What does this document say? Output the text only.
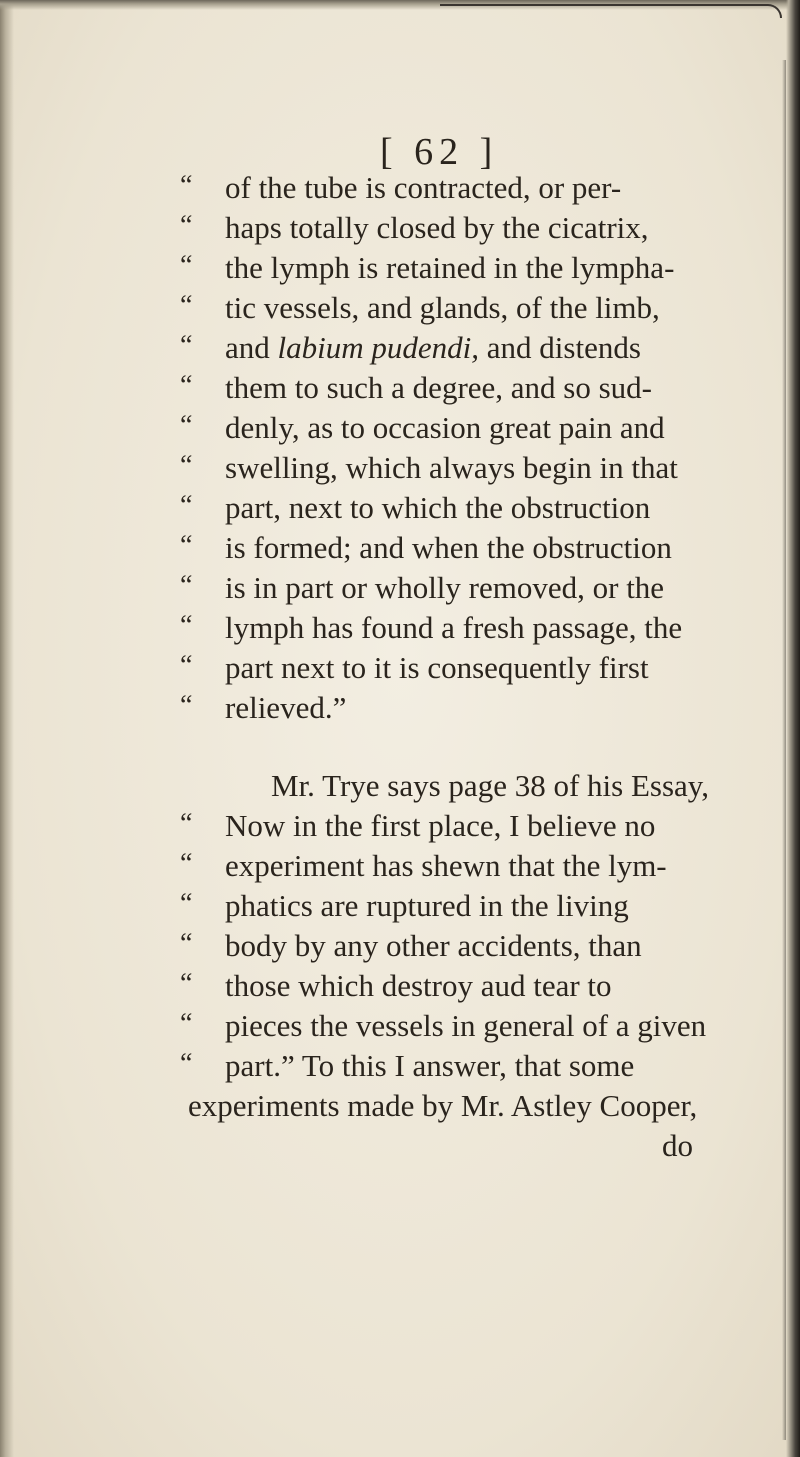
[ 62 ]
“ of the tube is contracted, or per-
“ haps totally closed by the cicatrix,
“ the lymph is retained in the lympha-
“ tic vessels, and glands, of the limb,
“ and labium pudendi, and distends
“ them to such a degree, and so sud-
“ denly, as to occasion great pain and
“ swelling, which always begin in that
“ part, next to which the obstruction
“ is formed; and when the obstruction
“ is in part or wholly removed, or the
“ lymph has found a fresh passage, the
“ part next to it is consequently first
“ relieved.”
Mr. Trye says page 38 of his Essay,
“ Now in the first place, I believe no
“ experiment has shewn that the lym-
“ phatics are ruptured in the living
“ body by any other accidents, than
“ those which destroy aud tear to
“ pieces the vessels in general of a given
“ part.” To this I answer, that some
experiments made by Mr. Astley Cooper,
do
